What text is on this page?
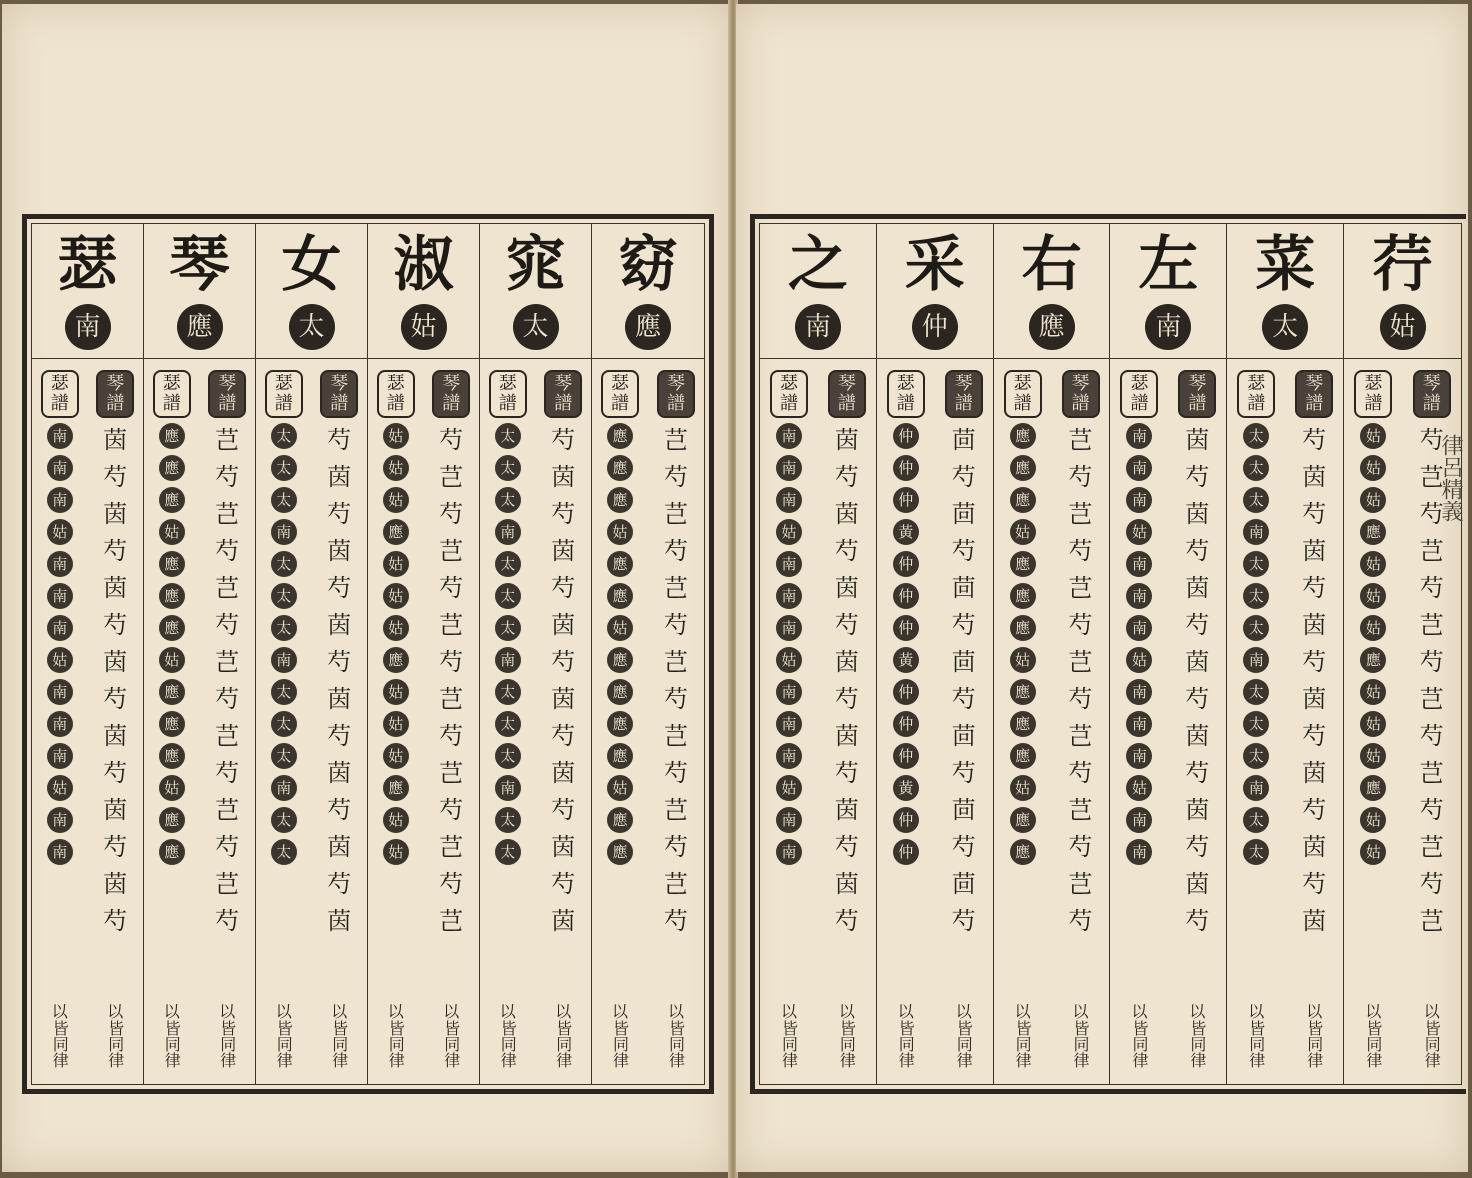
窈
應
琴譜
芑
芍
芑
芍
芑
芍
芑
芍
芑
芍
芑
芍
芑
芍
瑟譜
應
應
應
姑
應
應
姑
應
應
應
應
姑
應
應
以
皆同律
以
皆同律
窕
太
琴譜
芍
茵
芍
茵
芍
茵
芍
茵
芍
茵
芍
茵
芍
茵
瑟譜
太
太
太
南
太
太
太
南
太
太
太
南
太
太
以
皆同律
以
皆同律
淑
姑
琴譜
芍
芑
芍
芑
芍
芑
芍
芑
芍
芑
芍
芑
芍
芑
瑟譜
姑
姑
姑
應
姑
姑
姑
應
姑
姑
姑
應
姑
姑
以
皆同律
以
皆同律
女
太
琴譜
芍
茵
芍
茵
芍
茵
芍
茵
芍
茵
芍
茵
芍
茵
瑟譜
太
太
太
南
太
太
太
南
太
太
太
南
太
太
以
皆同律
以
皆同律
琴
應
琴譜
芑
芍
芑
芍
芑
芍
芑
芍
芑
芍
芑
芍
芑
芍
瑟譜
應
應
應
姑
應
應
應
姑
應
應
應
姑
應
應
以
皆同律
以
皆同律
瑟
南
琴譜
茵
芍
茵
芍
茵
芍
茵
芍
茵
芍
茵
芍
茵
芍
瑟譜
南
南
南
姑
南
南
南
姑
南
南
南
姑
南
南
以
皆同律
以
皆同律
荇
姑
琴譜
芍
芑
芍
芑
芍
芑
芍
芑
芍
芑
芍
芑
芍
芑
瑟譜
姑
姑
姑
應
姑
姑
姑
應
姑
姑
姑
應
姑
姑
以
皆同律
以
皆同律
菜
太
琴譜
芍
茵
芍
茵
芍
茵
芍
茵
芍
茵
芍
茵
芍
茵
瑟譜
太
太
太
南
太
太
太
南
太
太
太
南
太
太
以
皆同律
以
皆同律
左
南
琴譜
茵
芍
茵
芍
茵
芍
茵
芍
茵
芍
茵
芍
茵
芍
瑟譜
南
南
南
姑
南
南
南
姑
南
南
南
姑
南
南
以
皆同律
以
皆同律
右
應
琴譜
芑
芍
芑
芍
芑
芍
芑
芍
芑
芍
芑
芍
芑
芍
瑟譜
應
應
應
姑
應
應
應
姑
應
應
應
姑
應
應
以
皆同律
以
皆同律
采
仲
琴譜
茴
芍
茴
芍
茴
芍
茴
芍
茴
芍
茴
芍
茴
芍
瑟譜
仲
仲
仲
黃
仲
仲
仲
黃
仲
仲
仲
黃
仲
仲
以
皆同律
以
皆同律
之
南
琴譜
茵
芍
茵
芍
茵
芍
茵
芍
茵
芍
茵
芍
茵
芍
瑟譜
南
南
南
姑
南
南
南
姑
南
南
南
姑
南
南
以
皆同律
以
皆同律
律呂精義
